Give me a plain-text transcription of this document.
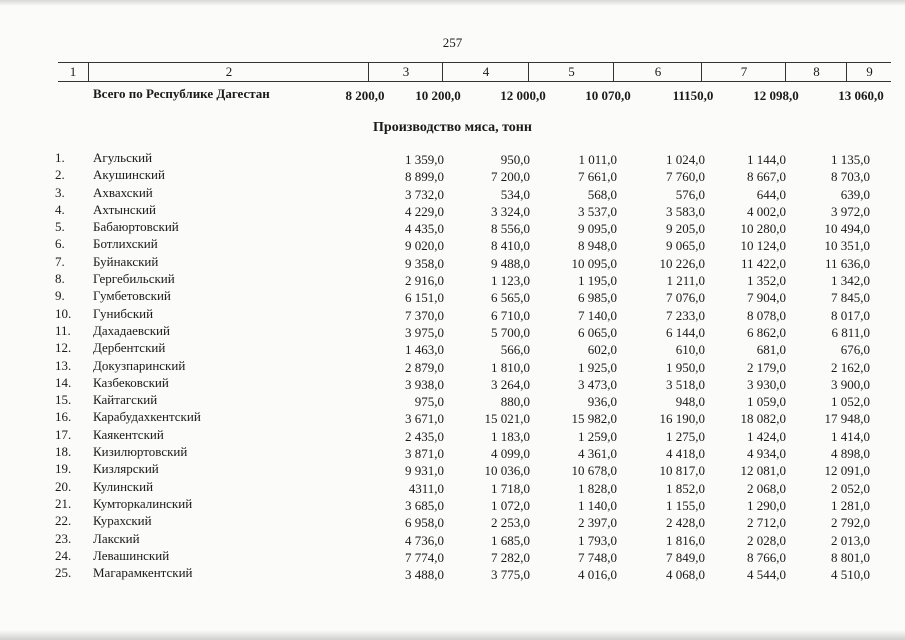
257
1	2	3	4	5	6	7	8	9
Всего по Республике Дагестан	8 200,0	10 200,0	12 000,0	10 070,0	11150,0	12 098,0	13 060,0
Производство мяса, тонн
1. Агульский	1 359,0	950,0	1 011,0	1 024,0	1 144,0	1 135,0
2. Акушинский	8 899,0	7 200,0	7 661,0	7 760,0	8 667,0	8 703,0
3. Ахвахский	3 732,0	534,0	568,0	576,0	644,0	639,0
4. Ахтынский	4 229,0	3 324,0	3 537,0	3 583,0	4 002,0	3 972,0
5. Бабаюртовский	4 435,0	8 556,0	9 095,0	9 205,0	10 280,0	10 494,0
6. Ботлихский	9 020,0	8 410,0	8 948,0	9 065,0	10 124,0	10 351,0
7. Буйнакский	9 358,0	9 488,0	10 095,0	10 226,0	11 422,0	11 636,0
8. Гергебильский	2 916,0	1 123,0	1 195,0	1 211,0	1 352,0	1 342,0
9. Гумбетовский	6 151,0	6 565,0	6 985,0	7 076,0	7 904,0	7 845,0
10. Гунибский	7 370,0	6 710,0	7 140,0	7 233,0	8 078,0	8 017,0
11. Дахадаевский	3 975,0	5 700,0	6 065,0	6 144,0	6 862,0	6 811,0
12. Дербентский	1 463,0	566,0	602,0	610,0	681,0	676,0
13. Докузпаринский	2 879,0	1 810,0	1 925,0	1 950,0	2 179,0	2 162,0
14. Казбековский	3 938,0	3 264,0	3 473,0	3 518,0	3 930,0	3 900,0
15. Кайтагский	975,0	880,0	936,0	948,0	1 059,0	1 052,0
16. Карабудахкентский	3 671,0	15 021,0	15 982,0	16 190,0	18 082,0	17 948,0
17. Каякентский	2 435,0	1 183,0	1 259,0	1 275,0	1 424,0	1 414,0
18. Кизилюртовский	3 871,0	4 099,0	4 361,0	4 418,0	4 934,0	4 898,0
19. Кизлярский	9 931,0	10 036,0	10 678,0	10 817,0	12 081,0	12 091,0
20. Кулинский	4311,0	1 718,0	1 828,0	1 852,0	2 068,0	2 052,0
21. Кумторкалинский	3 685,0	1 072,0	1 140,0	1 155,0	1 290,0	1 281,0
22. Курахский	6 958,0	2 253,0	2 397,0	2 428,0	2 712,0	2 792,0
23. Лакский	4 736,0	1 685,0	1 793,0	1 816,0	2 028,0	2 013,0
24. Левашинский	7 774,0	7 282,0	7 748,0	7 849,0	8 766,0	8 801,0
25. Магарамкентский	3 488,0	3 775,0	4 016,0	4 068,0	4 544,0	4 510,0
